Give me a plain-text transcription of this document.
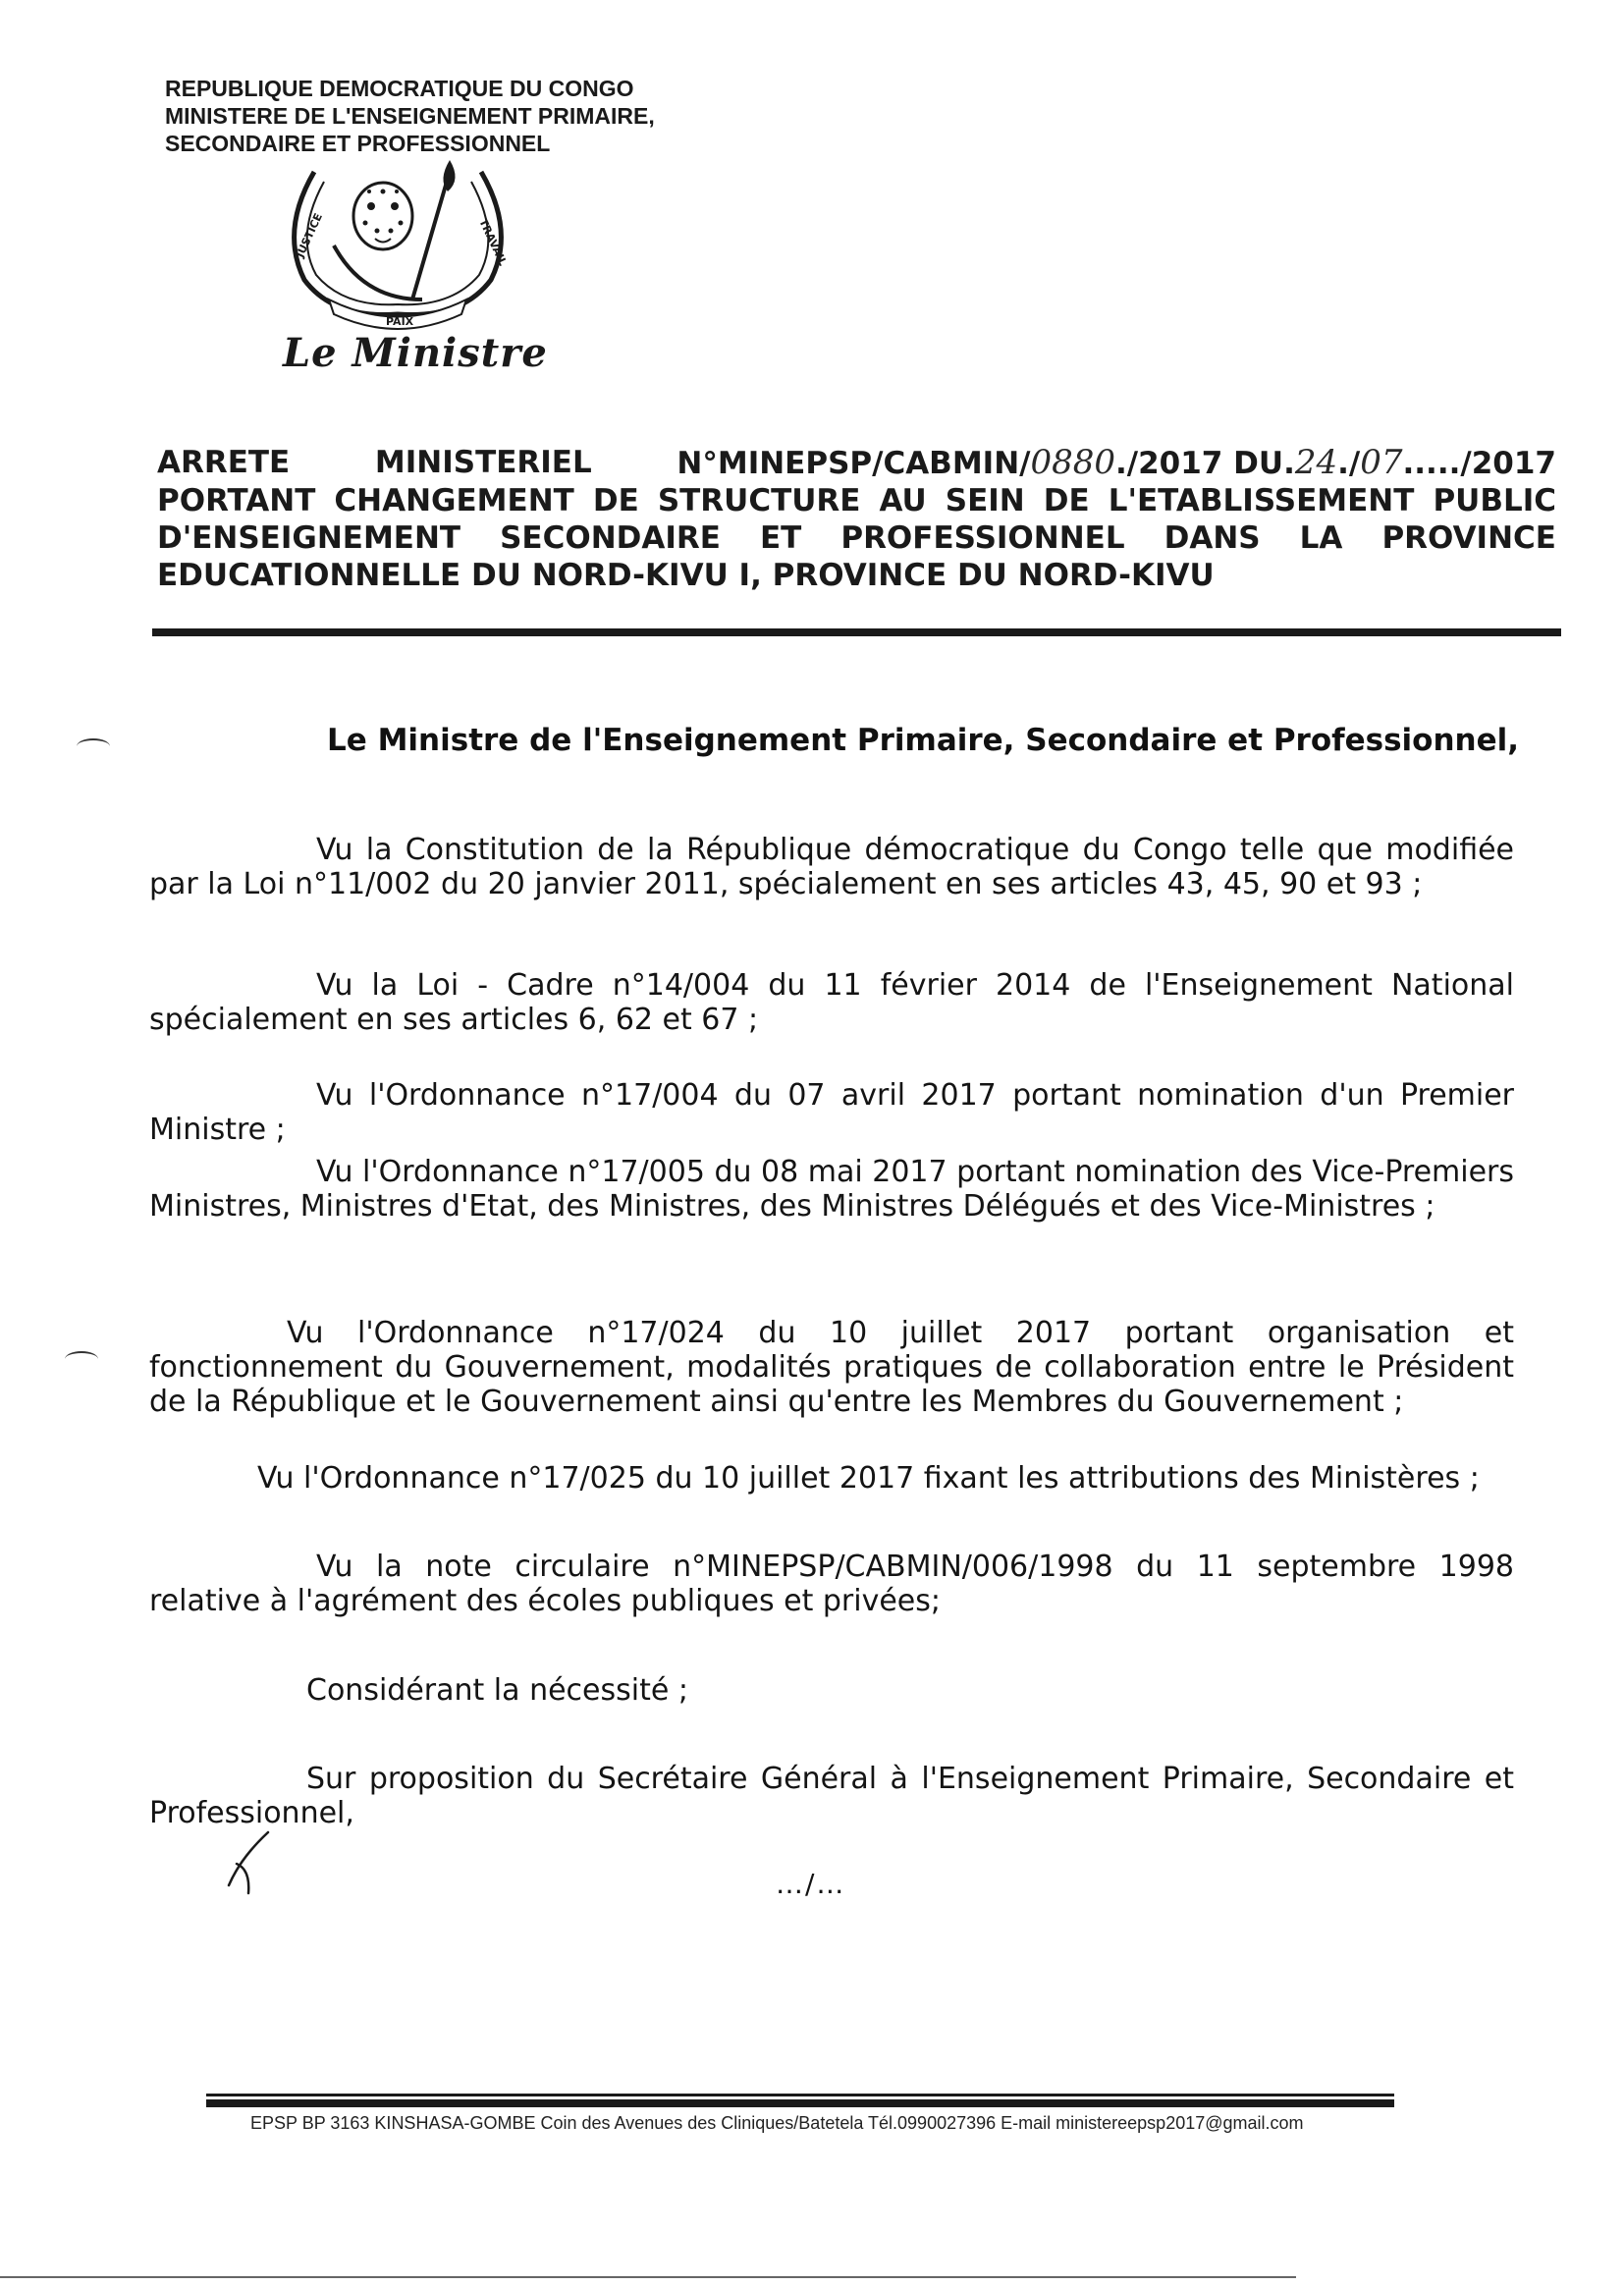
REPUBLIQUE DEMOCRATIQUE DU CONGO
MINISTERE DE L'ENSEIGNEMENT PRIMAIRE,
SECONDAIRE ET PROFESSIONNEL
JUSTICE
PAIX
TRAVAIL
Le Ministre
ARRETE	MINISTERIEL	N°MINEPSP/CABMIN/0880./2017 DU.24./07...../2017
PORTANT CHANGEMENT DE STRUCTURE AU SEIN DE L'ETABLISSEMENT PUBLIC
D'ENSEIGNEMENT SECONDAIRE ET PROFESSIONNEL DANS LA PROVINCE
EDUCATIONNELLE DU NORD-KIVU I, PROVINCE DU NORD-KIVU
Le Ministre de l'Enseignement Primaire, Secondaire et Professionnel,
Vu la Constitution de la République démocratique du Congo telle que modifiée par la Loi n°11/002 du 20 janvier 2011, spécialement en ses articles 43, 45, 90 et 93 ;
Vu la Loi - Cadre n°14/004 du 11 février 2014 de l'Enseignement National spécialement en ses articles 6, 62 et 67 ;
Vu l'Ordonnance n°17/004 du 07 avril 2017 portant nomination d'un Premier Ministre ;
Vu l'Ordonnance n°17/005 du 08 mai 2017 portant nomination des Vice-Premiers Ministres, Ministres d'Etat, des Ministres, des Ministres Délégués et des Vice-Ministres ;
Vu l'Ordonnance n°17/024 du 10 juillet 2017 portant organisation et fonctionnement du Gouvernement, modalités pratiques de collaboration entre le Président de la République et le Gouvernement ainsi qu'entre les Membres du Gouvernement ;
Vu l'Ordonnance n°17/025 du 10 juillet 2017 fixant les attributions des Ministères ;
Vu la note circulaire n°MINEPSP/CABMIN/006/1998 du 11 septembre 1998 relative à l'agrément des écoles publiques et privées;
Considérant la nécessité ;
Sur proposition du Secrétaire Général à l'Enseignement Primaire, Secondaire et Professionnel,
…/…
EPSP BP 3163 KINSHASA-GOMBE Coin des Avenues des Cliniques/Batetela Tél.0990027396 E-mail ministereepsp2017@gmail.com
